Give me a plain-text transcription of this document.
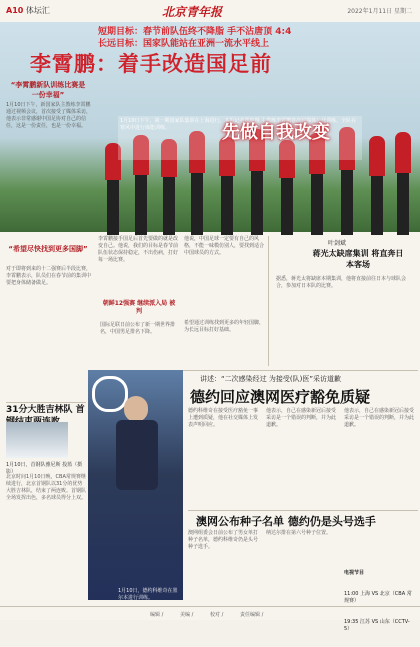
A10 体坛汇	北京青年报	2022年1月11日 星期二
短期目标：春节前队伍终不降脂 手不沾唐顶 4:4
长远目标：国家队能站在亚洲一流水平线上
李霄鹏：着手改造国足前
1月10日下午，第一期国家队集训在上海进行。本报记者郑璇摄 主教练李霄鹏首次对媒体公开训练，全队在寒风中进行体能训练。	先做自我改变
“李霄鹏新队训练比赛是一份幸福”
1月10日下午，新国家队主教练李霄鹏通过视频会议，首次接受了媒体采访，他表示非常感谢中国足协对自己的信任，这是一份责任，也是一份幸福。
“希望尽快找到更多国脚”
对于即将到来的十二强赛后半段比赛，李霄鹏表示，队员们在春节前的集训中要把身体储备做足。
李霄鹏接手国足后首先要做的就是改变自己。他说，我们的目标是春节前队伍状态保持稳定，不出伤病，打好每一场比赛。
他说，中国足球一定要有自己的风格，不能一味模仿别人，要找到适合中国球员的方式。
朝鲜12强赛 继续派入局 被判
国际足联日前公布了新一期世界排名，中国男足排名下降。
希望通过训练找到更多的年轻国脚，为长远目标打好基础。
叶剑斌
蒋光太缺席集训 将直奔日本客场
据悉，蒋光太将缺席本期集训，他将直接前往日本与球队会合，参加对日本队的比赛。
讲述：“二次感染经过 为接受(队)医”采访道歉
德约回应澳网医疗豁免质疑
31分大胜吉林队 首
1月10日，首钢队雅尼斯 投篮（摄影）
北京时间1月10日晚，CBA常规赛继续进行，北京首钢队以31分的优势大胜吉林队，结束了两连败。首钢队全场发挥出色，多名球员得分上双。
1月10日，德约科维奇在墨尔本进行训练。
德约科维奇在接受医疗豁免一事上遭到质疑，他在社交媒体上发表声明回应。
他表示，自己在感染新冠后接受采访是一个错误的判断，并为此道歉。
他表示，自己在感染新冠后接受采访是一个错误的判断，并为此道歉。
澳网公布种子名单 德约仍是头号选手
澳网组委会日前公布了男女单打种子名单，德约科维奇仍是头号种子选手。
纳达尔排在第六号种子位置。

电视节目

11:00 上海 VS 北京（CBA 常规赛）

19:35 江苏 VS 山东（CCTV-5）

编辑 /	美编 /	校对 /	责任编辑 /
